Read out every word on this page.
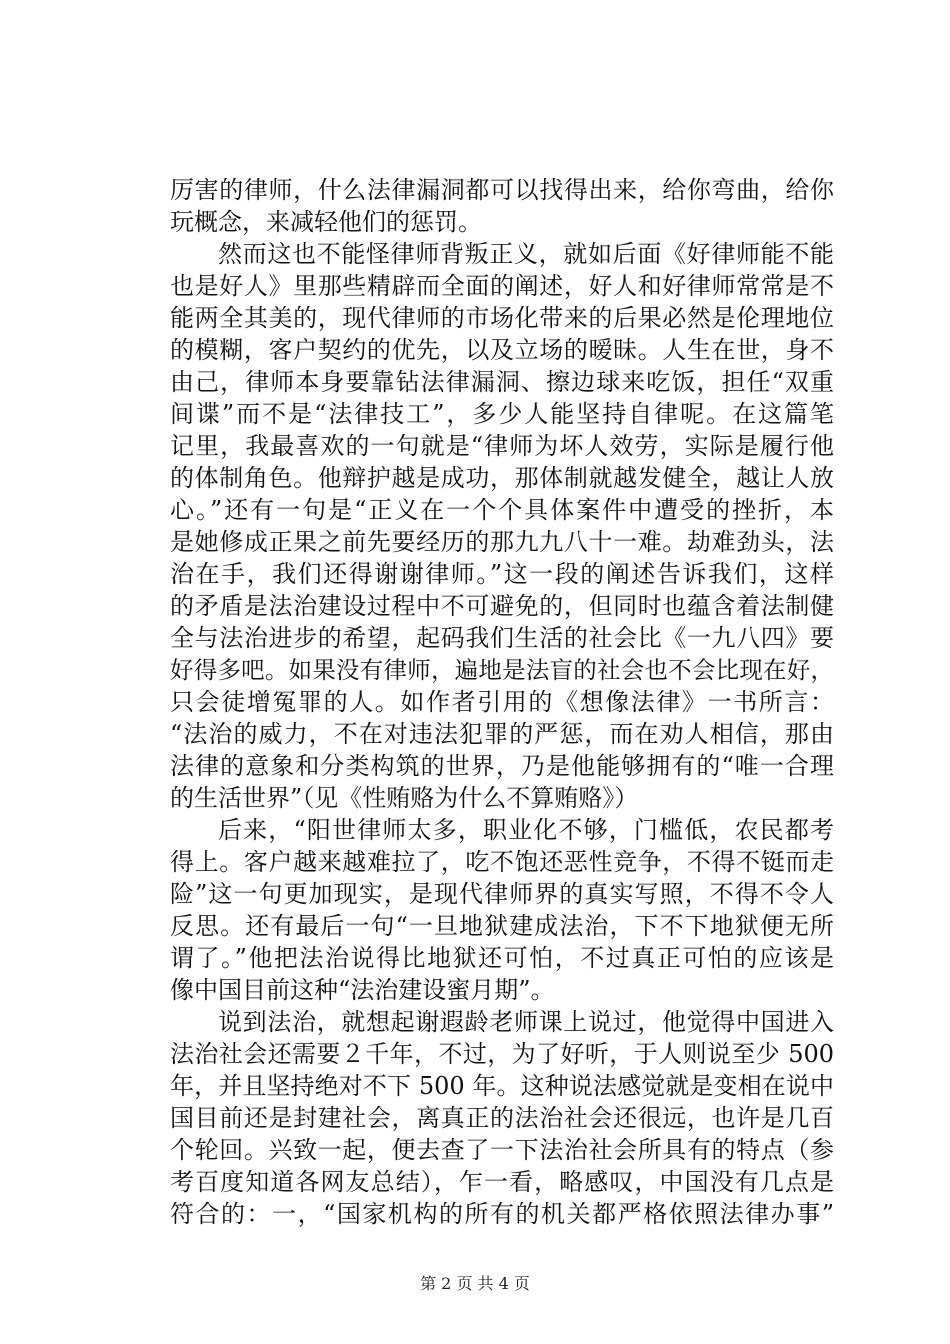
厉害的律师，什么法律漏洞都可以找得出来，给你弯曲，给你
玩概念，来减轻他们的惩罚。
然而这也不能怪律师背叛正义，就如后面《好律师能不能
也是好人》里那些精辟而全面的阐述，好人和好律师常常是不
能两全其美的，现代律师的市场化带来的后果必然是伦理地位
的模糊，客户契约的优先，以及立场的暧昧。人生在世，身不
由己，律师本身要靠钻法律漏洞、擦边球来吃饭，担任“双重
间谍”而不是“法律技工”，多少人能坚持自律呢。在这篇笔
记里，我最喜欢的一句就是“律师为坏人效劳，实际是履行他
的体制角色。他辩护越是成功，那体制就越发健全，越让人放
心。”还有一句是“正义在一个个具体案件中遭受的挫折，本
是她修成正果之前先要经历的那九九八十一难。劫难劲头，法
治在手，我们还得谢谢律师。”这一段的阐述告诉我们，这样
的矛盾是法治建设过程中不可避免的，但同时也蕴含着法制健
全与法治进步的希望，起码我们生活的社会比《一九八四》要
好得多吧。如果没有律师，遍地是法盲的社会也不会比现在好，
只会徒增冤罪的人。如作者引用的《想像法律》一书所言：
“法治的威力，不在对违法犯罪的严惩，而在劝人相信，那由
法律的意象和分类构筑的世界，乃是他能够拥有的“唯一合理
的生活世界”（见《性贿赂为什么不算贿赂》）
后来，“阳世律师太多，职业化不够，门槛低，农民都考
得上。客户越来越难拉了，吃不饱还恶性竞争，不得不铤而走
险”这一句更加现实，是现代律师界的真实写照，不得不令人
反思。还有最后一句“一旦地狱建成法治，下不下地狱便无所
谓了。”他把法治说得比地狱还可怕，不过真正可怕的应该是
像中国目前这种“法治建设蜜月期”。
说到法治，就想起谢遐龄老师课上说过，他觉得中国进入
法治社会还需要２千年，不过，为了好听，于人则说至少 500
年，并且坚持绝对不下 500 年。这种说法感觉就是变相在说中
国目前还是封建社会，离真正的法治社会还很远，也许是几百
个轮回。兴致一起，便去查了一下法治社会所具有的特点（参
考百度知道各网友总结），乍一看，略感叹，中国没有几点是
符合的：一，“国家机构的所有的机关都严格依照法律办事”
第 2 页 共 4 页
